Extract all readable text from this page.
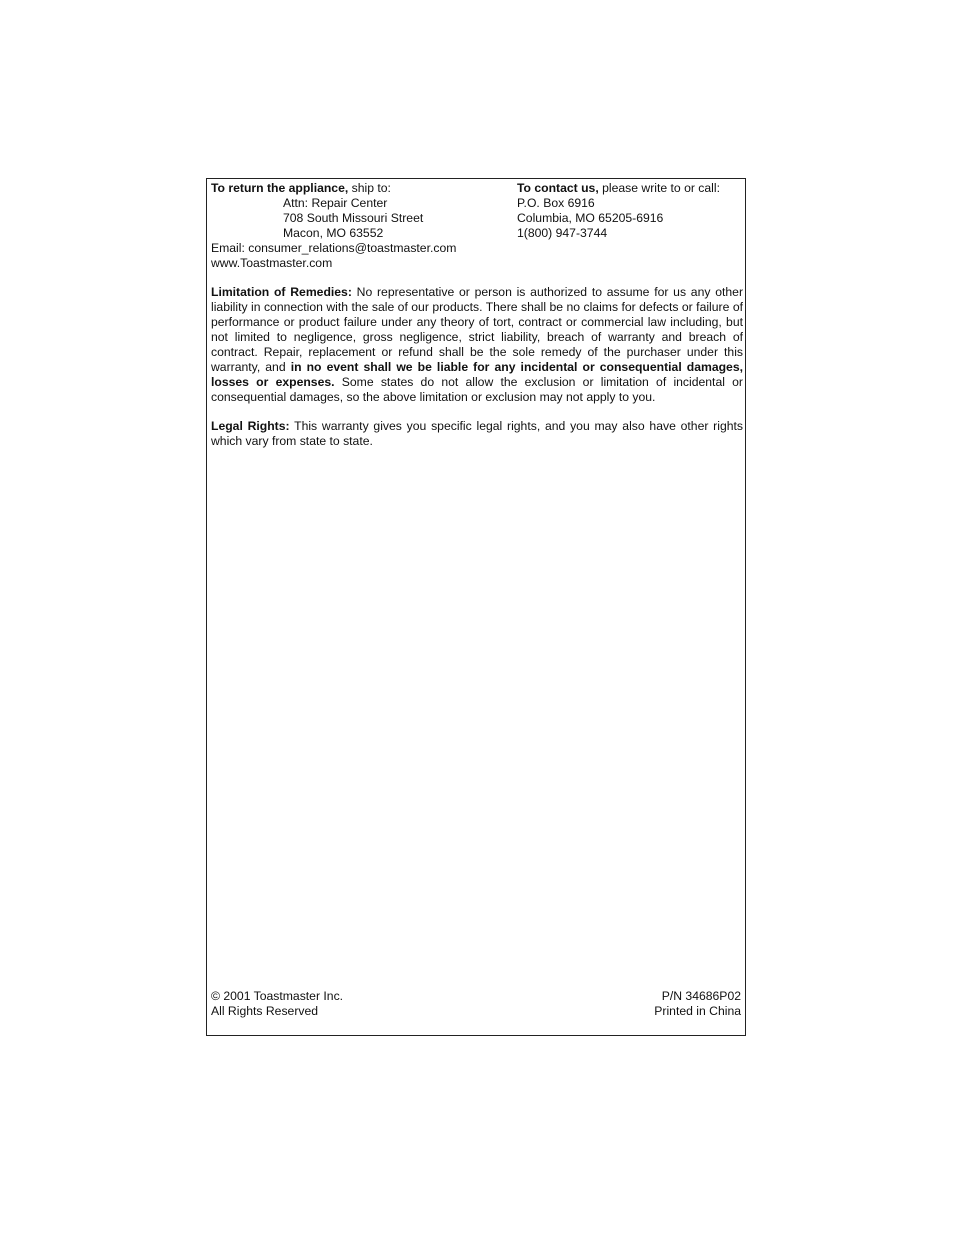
To return the appliance, ship to:

Attn: Repair Center

708 South Missouri Street

Macon, MO 63552

Email: consumer_relations@toastmaster.com

www.Toastmaster.com

To contact us, please write to or call:

P.O. Box 6916

Columbia, MO 65205-6916

1(800) 947-3744

Limitation of Remedies: No representative or person is authorized to assume for us any other liability in connection with the sale of our products. There shall be no claims for defects or failure of performance or product failure under any theory of tort, contract or commercial law including, but not limited to negligence, gross negligence, strict liability, breach of warranty and breach of contract. Repair, replacement or refund shall be the sole remedy of the purchaser under this warranty, and in no event shall we be liable for any incidental or consequential damages, losses or expenses. Some states do not allow the exclusion or limitation of incidental or consequential damages, so the above limitation or exclusion may not apply to you.

Legal Rights: This warranty gives you specific legal rights, and you may also have other rights which vary from state to state.

© 2001 Toastmaster Inc.

All Rights Reserved

P/N 34686P02

Printed in China
